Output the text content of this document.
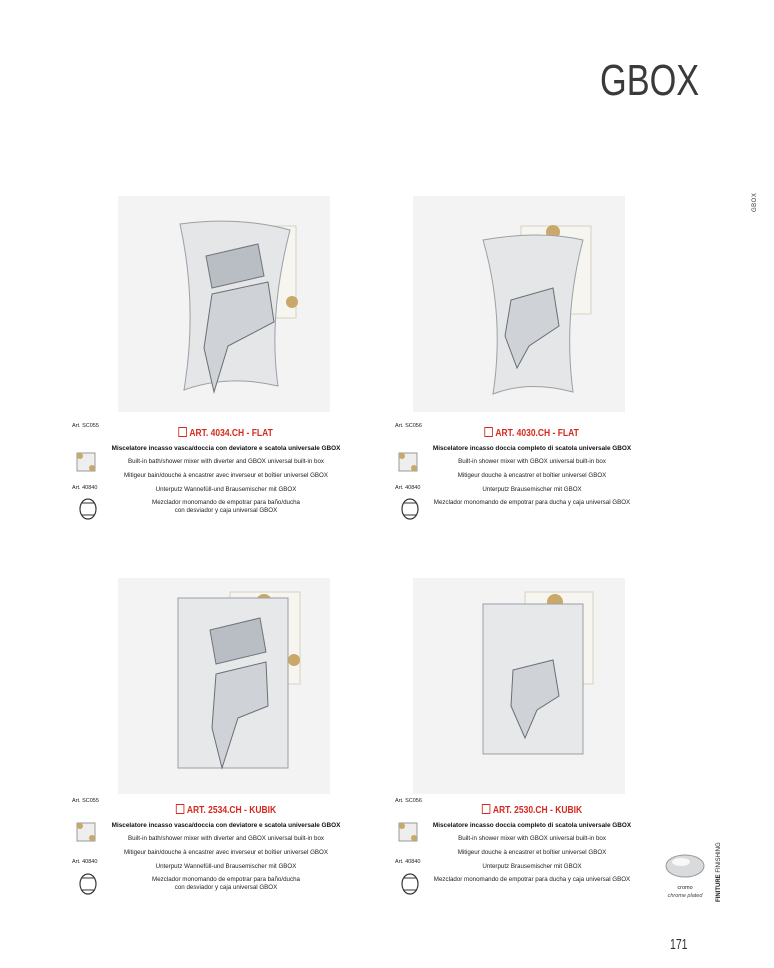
GBOX
GBOX
Art. SC055
Art. 40840
ART. 4034.CH - FLAT
Miscelatore incasso vasca/doccia con deviatore e scatola universale GBOX
Built-in bath/shower mixer with diverter and GBOX universal built-in box
Mitigeur bain/douche à encastrer avec inverseur et boîtier universel GBOX
Unterputz Wannefüll-und Brausemischer mit GBOX
Mezclador monomando de empotrar para baño/ducha
con desviador y caja universal GBOX
Art. SC056
Art. 40840
ART. 4030.CH - FLAT
Miscelatore incasso doccia completo di scatola universale GBOX
Built-in shower mixer with GBOX universal built-in box
Mitigeur douche à encastrer et boîtier universel GBOX
Unterputz Brausemischer mit GBOX
Mezclador monomando de empotrar para ducha y caja universal GBOX
Art. SC055
Art. 40840
ART. 2534.CH - KUBIK
Miscelatore incasso vasca/doccia con deviatore e scatola universale GBOX
Built-in bath/shower mixer with diverter and GBOX universal built-in box
Mitigeur bain/douche à encastrer avec inverseur et boîtier universel GBOX
Unterputz Wannefüll-und Brausemischer mit GBOX
Mezclador monomando de empotrar para baño/ducha
con desviador y caja universal GBOX
Art. SC056
Art. 40840
ART. 2530.CH - KUBIK
Miscelatore incasso doccia completo di scatola universale GBOX
Built-in shower mixer with GBOX universal built-in box
Mitigeur douche à encastrer et boîtier universel GBOX
Unterputz Brausemischer mit GBOX
Mezclador monomando de empotrar para ducha y caja universal GBOX
cromo
chrome plated	FINITURE FINISHING
171
